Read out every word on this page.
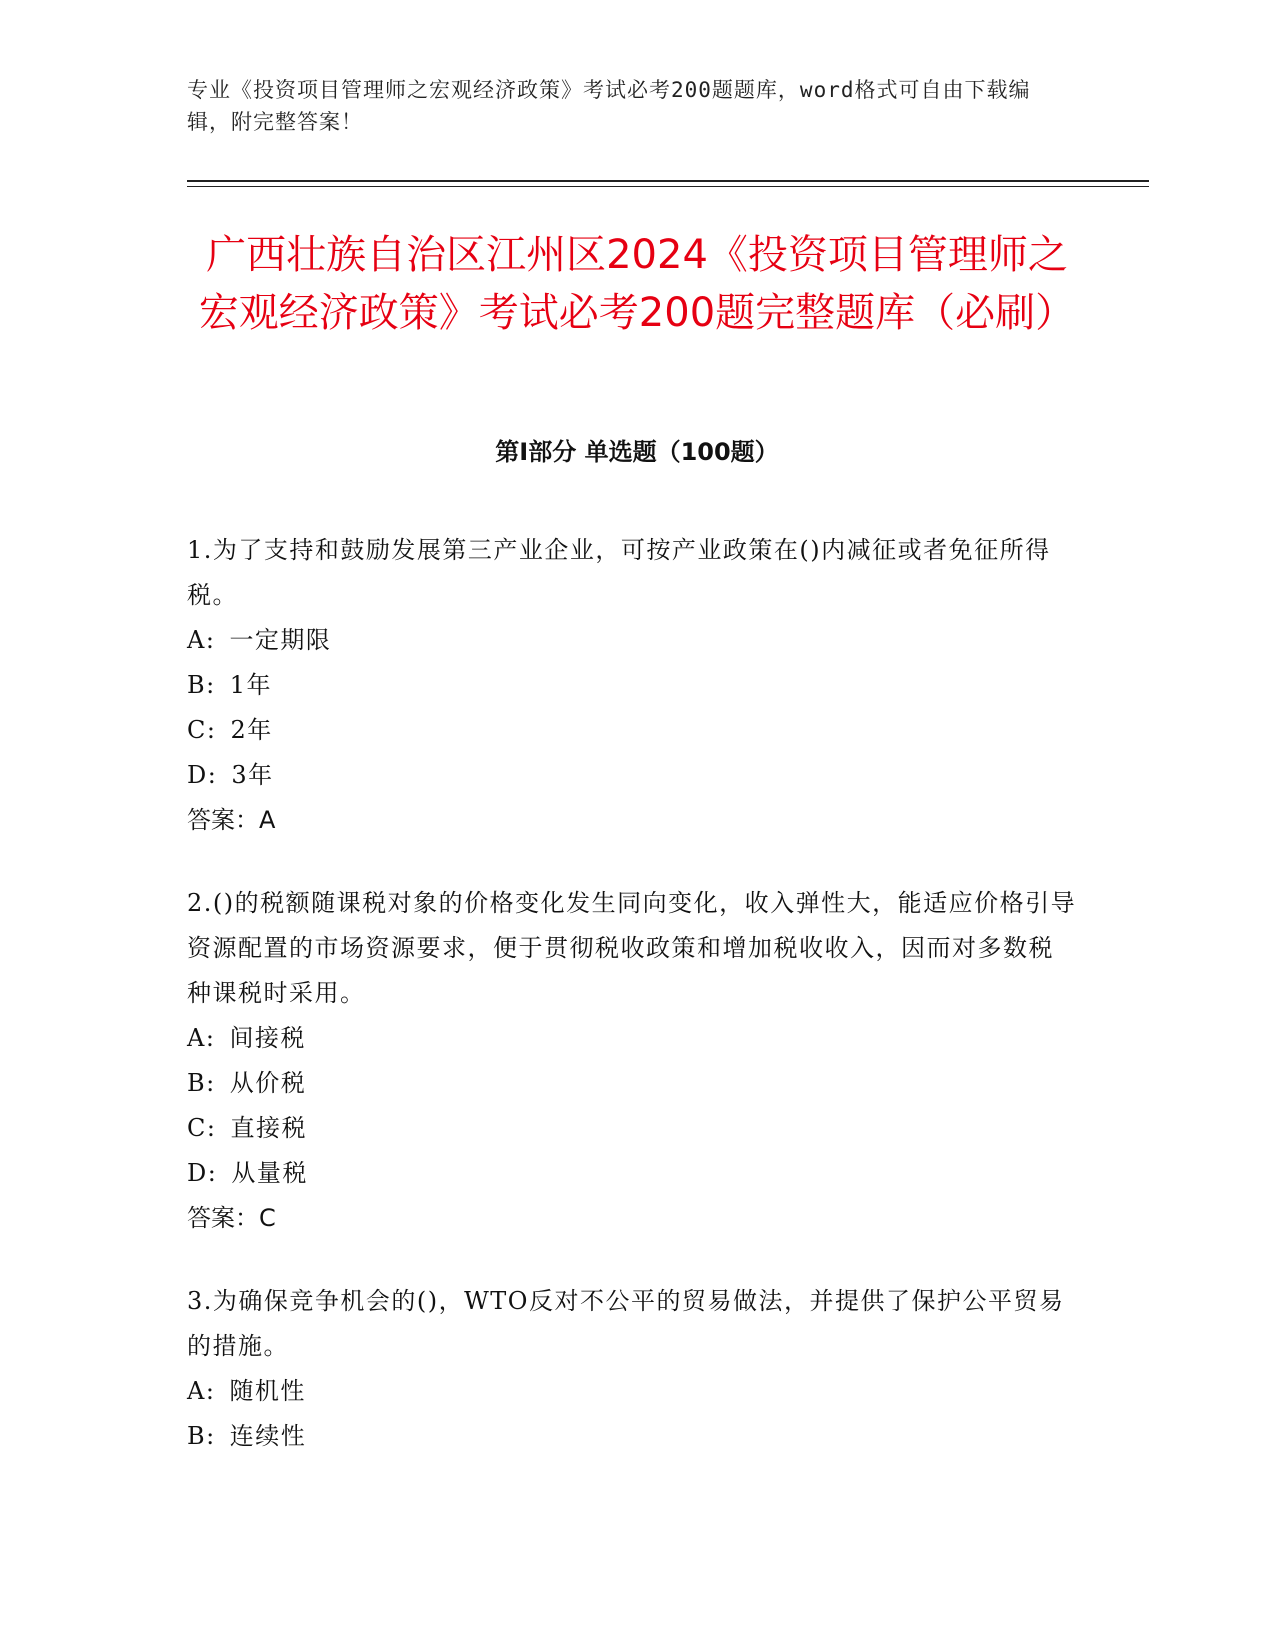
专业《投资项目管理师之宏观经济政策》考试必考200题题库，word格式可自由下载编辑，附完整答案！
广西壮族自治区江州区2024《投资项目管理师之宏观经济政策》考试必考200题完整题库（必刷）
第I部分 单选题（100题）

1.为了支持和鼓励发展第三产业企业，可按产业政策在()内减征或者免征所得税。

A: 一定期限
B: 1年
C: 2年
D: 3年

答案：A

2.()的税额随课税对象的价格变化发生同向变化，收入弹性大，能适应价格引导资源配置的市场资源要求，便于贯彻税收政策和增加税收收入，因而对多数税种课税时采用。

A: 间接税
B: 从价税
C: 直接税
D: 从量税

答案：C

3.为确保竞争机会的()，WTO反对不公平的贸易做法，并提供了保护公平贸易的措施。

A: 随机性
B: 连续性
